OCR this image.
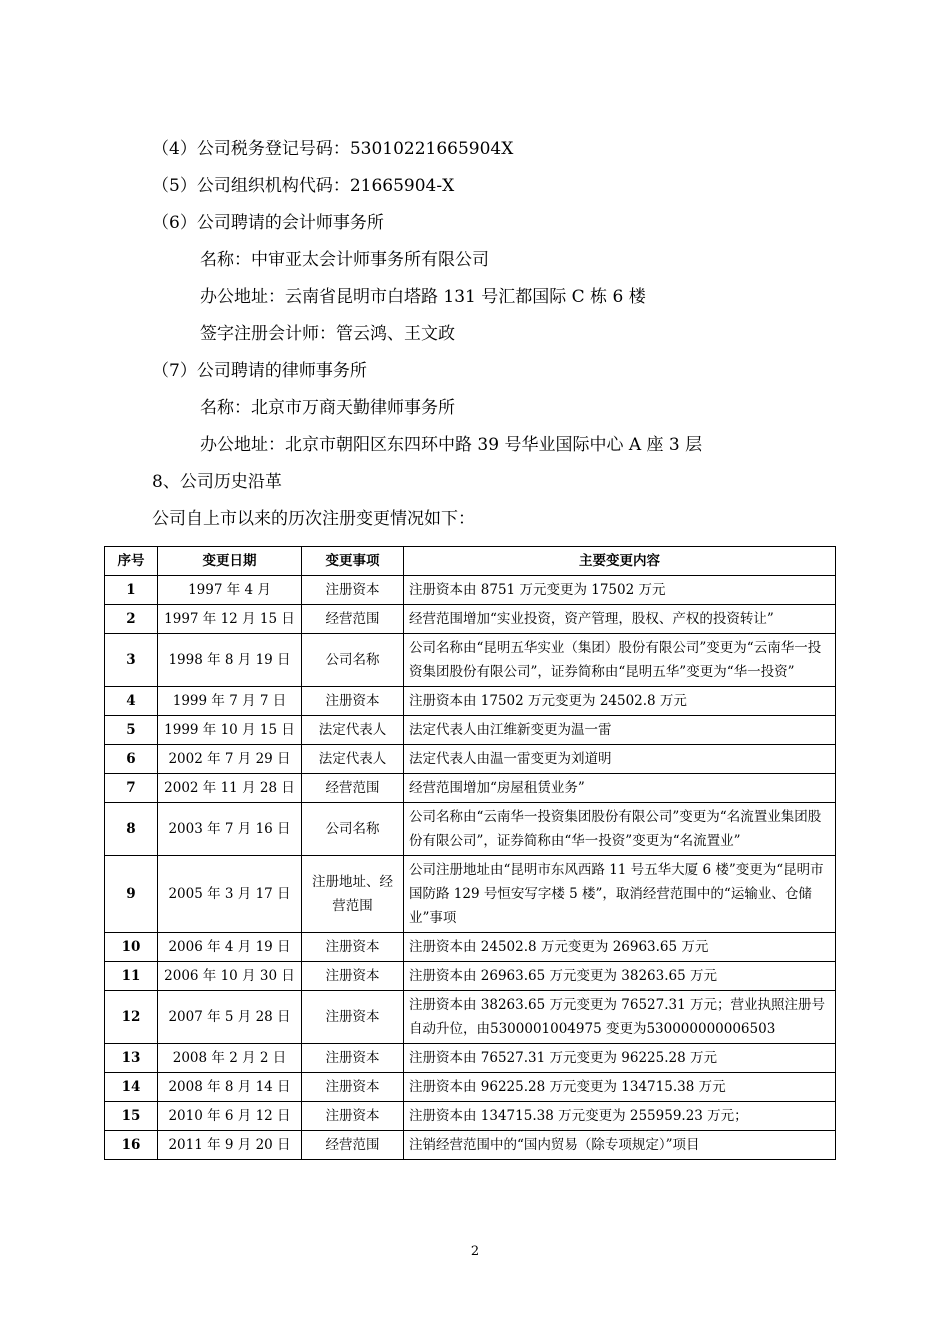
（4）公司税务登记号码：53010221665904X
（5）公司组织机构代码：21665904-X
（6）公司聘请的会计师事务所
名称：中审亚太会计师事务所有限公司
办公地址：云南省昆明市白塔路 131 号汇都国际 C 栋 6 楼
签字注册会计师：管云鸿、王文政
（7）公司聘请的律师事务所
名称：北京市万商天勤律师事务所
办公地址：北京市朝阳区东四环中路 39 号华业国际中心 A 座 3 层
8、公司历史沿革
公司自上市以来的历次注册变更情况如下：
序号	变更日期	变更事项	主要变更内容
1	1997 年 4 月	注册资本	注册资本由 8751 万元变更为 17502 万元
2	1997 年 12 月 15 日	经营范围	经营范围增加“实业投资，资产管理，股权、产权的投资转让”
3	1998 年 8 月 19 日	公司名称	公司名称由“昆明五华实业（集团）股份有限公司”变更为“云南华一投资集团股份有限公司”，证券简称由“昆明五华”变更为“华一投资”
4	1999 年 7 月 7 日	注册资本	注册资本由 17502 万元变更为 24502.8 万元
5	1999 年 10 月 15 日	法定代表人	法定代表人由江维新变更为温一雷
6	2002 年 7 月 29 日	法定代表人	法定代表人由温一雷变更为刘道明
7	2002 年 11 月 28 日	经营范围	经营范围增加“房屋租赁业务”
8	2003 年 7 月 16 日	公司名称	公司名称由“云南华一投资集团股份有限公司”变更为“名流置业集团股份有限公司”，证券简称由“华一投资”变更为“名流置业”
9	2005 年 3 月 17 日	注册地址、经营范围	公司注册地址由“昆明市东风西路 11 号五华大厦 6 楼”变更为“昆明市国防路 129 号恒安写字楼 5 楼”，取消经营范围中的“运输业、仓储业”事项
10	2006 年 4 月 19 日	注册资本	注册资本由 24502.8 万元变更为 26963.65 万元
11	2006 年 10 月 30 日	注册资本	注册资本由 26963.65 万元变更为 38263.65 万元
12	2007 年 5 月 28 日	注册资本	注册资本由 38263.65 万元变更为 76527.31 万元；营业执照注册号自动升位，由5300001004975 变更为530000000006503
13	2008 年 2 月 2 日	注册资本	注册资本由 76527.31 万元变更为 96225.28 万元
14	2008 年 8 月 14 日	注册资本	注册资本由 96225.28 万元变更为 134715.38 万元
15	2010 年 6 月 12 日	注册资本	注册资本由 134715.38 万元变更为 255959.23 万元；
16	2011 年 9 月 20 日	经营范围	注销经营范围中的“国内贸易（除专项规定）”项目
2
